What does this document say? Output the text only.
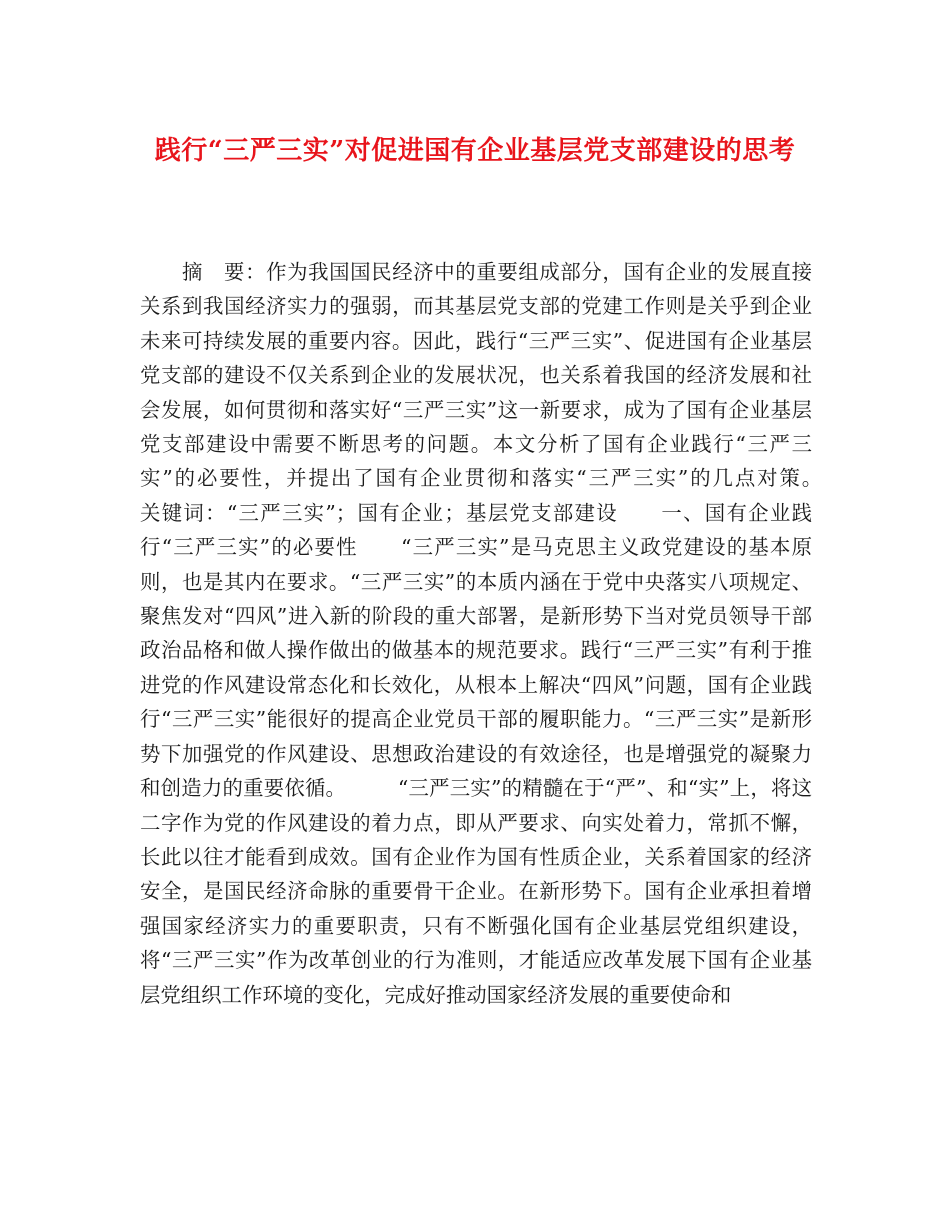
践行“三严三实”对促进国有企业基层党支部建设的思考

摘　要：作为我国国民经济中的重要组成部分，国有企业的发展直接关系到我国经济实力的强弱，而其基层党支部的党建工作则是关乎到企业未来可持续发展的重要内容。因此，践行“三严三实”、促进国有企业基层党支部的建设不仅关系到企业的发展状况，也关系着我国的经济发展和社会发展，如何贯彻和落实好“三严三实”这一新要求，成为了国有企业基层党支部建设中需要不断思考的问题。本文分析了国有企业践行“三严三实”的必要性，并提出了国有企业贯彻和落实“三严三实”的几点对策。　　　关键词：“三严三实”；国有企业；基层党支部建设　　一、国有企业践行“三严三实”的必要性　　“三严三实”是马克思主义政党建设的基本原则，也是其内在要求。“三严三实”的本质内涵在于党中央落实八项规定、聚焦发对“四风”进入新的阶段的重大部署，是新形势下当对党员领导干部政治品格和做人操作做出的做基本的规范要求。践行“三严三实”有利于推进党的作风建设常态化和长效化，从根本上解决“四风”问题，国有企业践行“三严三实”能很好的提高企业党员干部的履职能力。“三严三实”是新形势下加强党的作风建设、思想政治建设的有效途径，也是增强党的凝聚力和创造力的重要依循。　　　“三严三实”的精髓在于“严”、和“实”上，将这二字作为党的作风建设的着力点，即从严要求、向实处着力，常抓不懈，长此以往才能看到成效。国有企业作为国有性质企业，关系着国家的经济安全，是国民经济命脉的重要骨干企业。在新形势下。国有企业承担着增强国家经济实力的重要职责，只有不断强化国有企业基层党组织建设，将“三严三实”作为改革创业的行为准则，才能适应改革发展下国有企业基层党组织工作环境的变化，完成好推动国家经济发展的重要使命和
